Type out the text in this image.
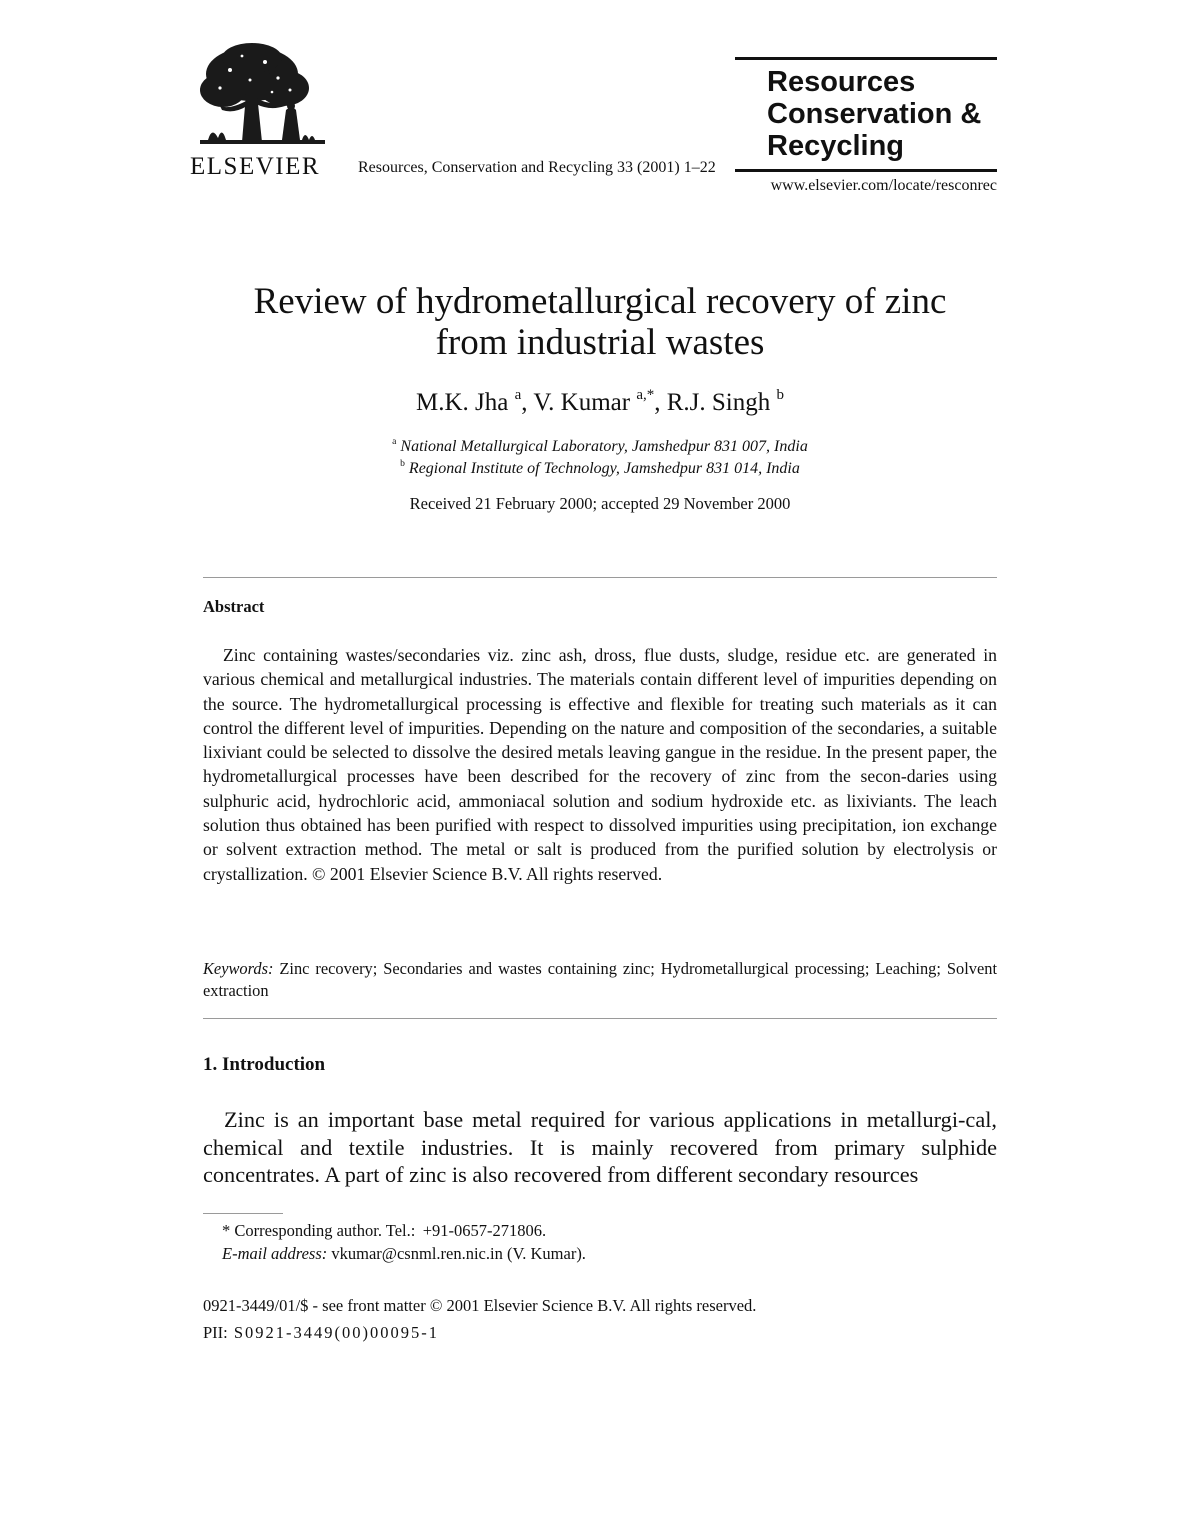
ELSEVIER	Resources, Conservation and Recycling 33 (2001) 1–22
Resources
Conservation &
Recycling
www.elsevier.com/locate/resconrec
Review of hydrometallurgical recovery of zinc
from industrial wastes
M.K. Jha $^a$, V. Kumar $^{a,*}$, R.J. Singh $^b$
$^a$ National Metallurgical Laboratory, Jamshedpur 831 007, India
$^b$ Regional Institute of Technology, Jamshedpur 831 014, India
Received 21 February 2000; accepted 29 November 2000
Abstract
Zinc containing wastes/secondaries viz. zinc ash, dross, flue dusts, sludge, residue etc. are generated in various chemical and metallurgical industries. The materials contain different level of impurities depending on the source. The hydrometallurgical processing is effective and flexible for treating such materials as it can control the different level of impurities. Depending on the nature and composition of the secondaries, a suitable lixiviant could be selected to dissolve the desired metals leaving gangue in the residue. In the present paper, the hydrometallurgical processes have been described for the recovery of zinc from the secon-daries using sulphuric acid, hydrochloric acid, ammoniacal solution and sodium hydroxide etc. as lixiviants. The leach solution thus obtained has been purified with respect to dissolved impurities using precipitation, ion exchange or solvent extraction method. The metal or salt is produced from the purified solution by electrolysis or crystallization. © 2001 Elsevier Science B.V. All rights reserved.
Keywords: Zinc recovery; Secondaries and wastes containing zinc; Hydrometallurgical processing; Leaching; Solvent extraction
1. Introduction
Zinc is an important base metal required for various applications in metallurgi-cal, chemical and textile industries. It is mainly recovered from primary sulphide concentrates. A part of zinc is also recovered from different secondary resources
* Corresponding author. Tel.:  +91-0657-271806.
E-mail address: vkumar@csnml.ren.nic.in (V. Kumar).
0921-3449/01/$ - see front matter © 2001 Elsevier Science B.V. All rights reserved.
PII: S0921-3449(00)00095-1
